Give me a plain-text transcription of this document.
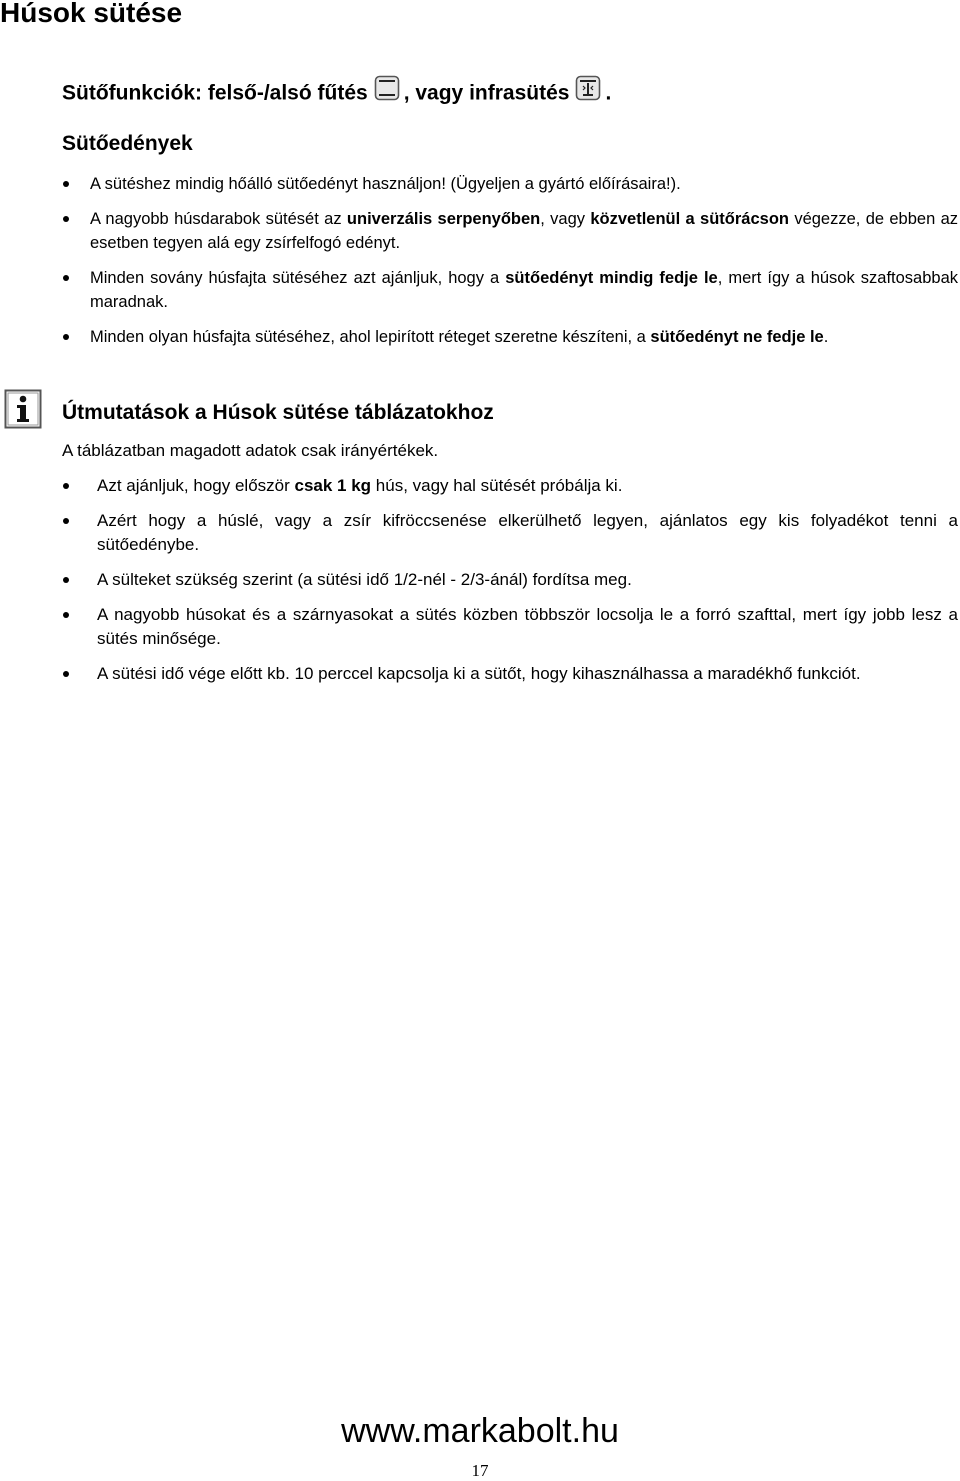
Húsok sütése
Sütőfunkciók: felső-/alsó fűtés , vagy infrasütés .
Sütőedények
A sütéshez mindig hőálló sütőedényt használjon! (Ügyeljen a gyártó előírásaira!).
A nagyobb húsdarabok sütését az univerzális serpenyőben, vagy közvetlenül a sütőrácson végezze, de ebben az esetben tegyen alá egy zsírfelfogó edényt.
Minden sovány húsfajta sütéséhez azt ajánljuk, hogy a sütőedényt mindig fedje le, mert így a húsok szaftosabbak maradnak.
Minden olyan húsfajta sütéséhez, ahol lepirított réteget szeretne készíteni, a sütőedényt ne fedje le.
Útmutatások a Húsok sütése táblázatokhoz

A táblázatban magadott adatok csak irányértékek.

Azt ajánljuk, hogy először csak 1 kg hús, vagy hal sütését próbálja ki.
Azért hogy a húslé, vagy a zsír kifröccsenése elkerülhető legyen, ajánlatos egy kis folyadékot tenni a sütőedénybe.
A sülteket szükség szerint (a sütési idő 1/2-nél - 2/3-ánál) fordítsa meg.
A nagyobb húsokat és a szárnyasokat a sütés közben többször locsolja le a forró szafttal, mert így jobb lesz a sütés minősége.
A sütési idő vége előtt kb. 10 perccel kapcsolja ki a sütőt, hogy kihasználhassa a maradékhő funkciót.
www.markabolt.hu
17
